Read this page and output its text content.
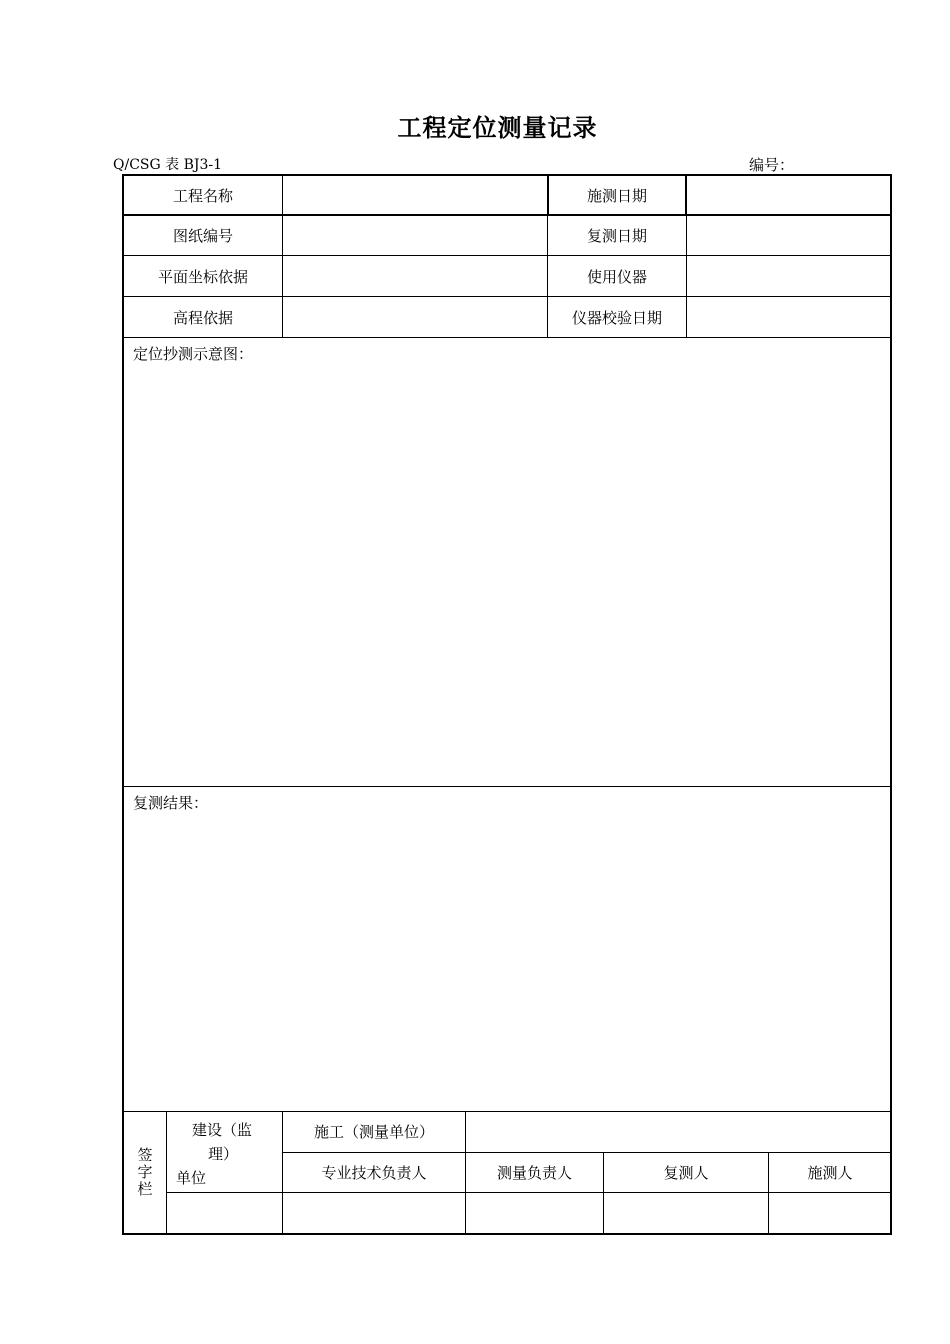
工程定位测量记录
Q/CSG 表 BJ3-1	编号：
工程名称	施测日期
图纸编号	复测日期
平面坐标依据	使用仪器
高程依据	仪器校验日期
定位抄测示意图：
复测结果：
签
字
栏
建设（监
理）
单位
施工（测量单位）
专业技术负责人	测量负责人	复测人	施测人
